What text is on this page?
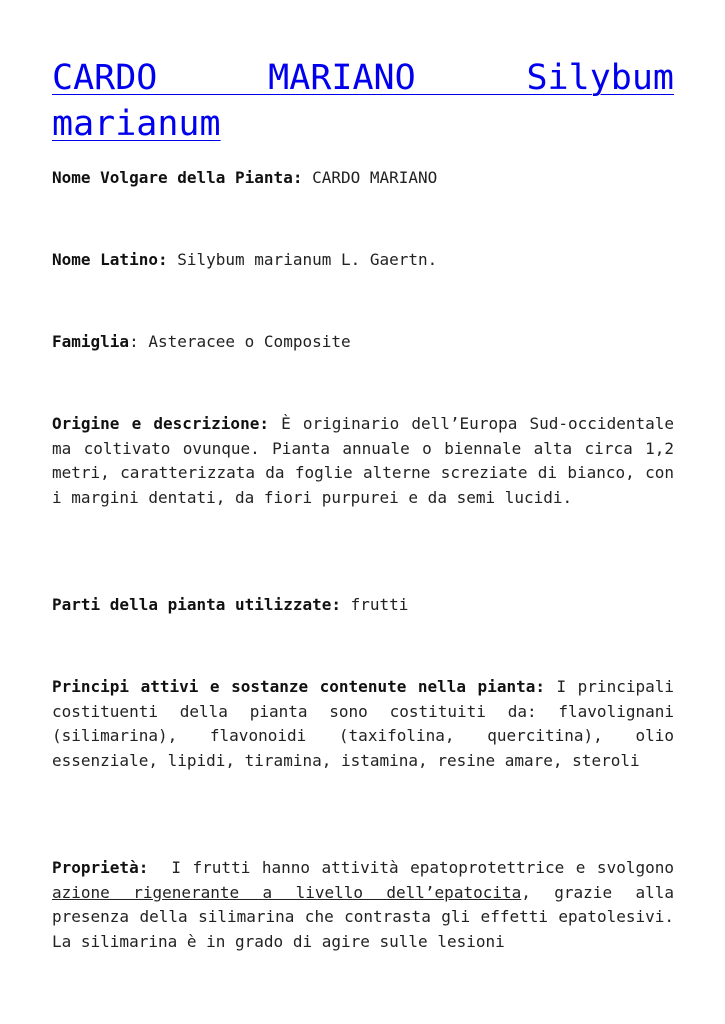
CARDO MARIANO Silybum marianum

Nome Volgare della Pianta: CARDO MARIANO

Nome Latino: Silybum marianum L. Gaertn.

Famiglia: Asteracee o Composite

Origine e descrizione: È originario dell’Europa Sud-occidentale ma coltivato ovunque. Pianta annuale o biennale alta circa 1,2 metri, caratterizzata da foglie alterne screziate di bianco, con i margini dentati, da fiori purpurei e da semi lucidi.

Parti della pianta utilizzate: frutti

Principi attivi e sostanze contenute nella pianta: I principali costituenti della pianta sono costituiti da: flavolignani (silimarina), flavonoidi (taxifolina, quercitina), olio essenziale, lipidi, tiramina, istamina, resine amare, steroli

Proprietà:  I frutti hanno attività epatoprotettrice e svolgono azione rigenerante a livello dell’epatocita, grazie alla presenza della silimarina che contrasta gli effetti epatolesivi. La silimarina è in grado di agire sulle lesioni
